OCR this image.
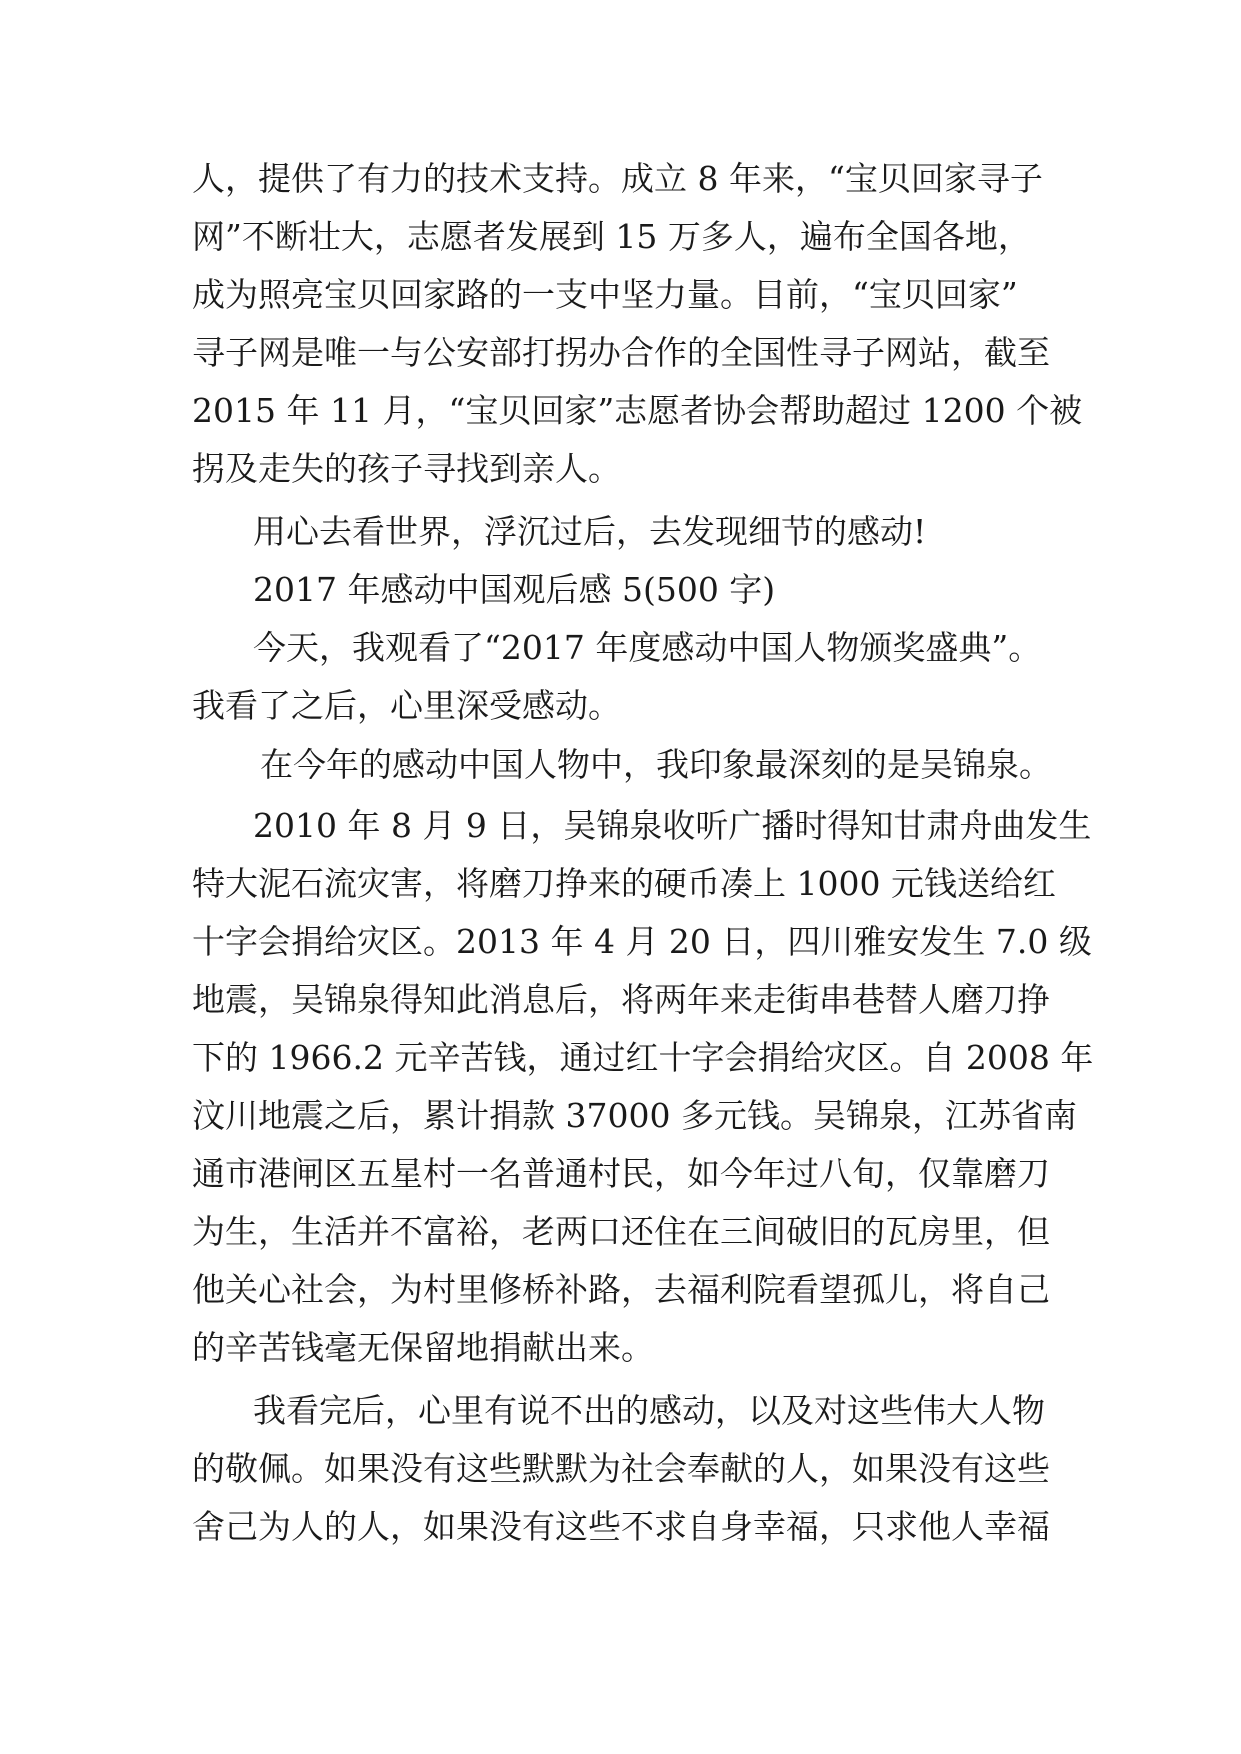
人，提供了有力的技术支持。成立 8 年来，“宝贝回家寻子
网”不断壮大，志愿者发展到 15 万多人，遍布全国各地，
成为照亮宝贝回家路的一支中坚力量。目前，“宝贝回家”
寻子网是唯一与公安部打拐办合作的全国性寻子网站，截至
2015 年 11 月，“宝贝回家”志愿者协会帮助超过 1200 个被
拐及走失的孩子寻找到亲人。
用心去看世界，浮沉过后，去发现细节的感动!
2017 年感动中国观后感 5(500 字)
今天，我观看了“2017 年度感动中国人物颁奖盛典”。
我看了之后，心里深受感动。
在今年的感动中国人物中，我印象最深刻的是吴锦泉。
2010 年 8 月 9 日，吴锦泉收听广播时得知甘肃舟曲发生
特大泥石流灾害，将磨刀挣来的硬币凑上 1000 元钱送给红
十字会捐给灾区。2013 年 4 月 20 日，四川雅安发生 7.0 级
地震，吴锦泉得知此消息后，将两年来走街串巷替人磨刀挣
下的 1966.2 元辛苦钱，通过红十字会捐给灾区。自 2008 年
汶川地震之后，累计捐款 37000 多元钱。吴锦泉，江苏省南
通市港闸区五星村一名普通村民，如今年过八旬，仅靠磨刀
为生，生活并不富裕，老两口还住在三间破旧的瓦房里，但
他关心社会，为村里修桥补路，去福利院看望孤儿，将自己
的辛苦钱毫无保留地捐献出来。
我看完后，心里有说不出的感动，以及对这些伟大人物
的敬佩。如果没有这些默默为社会奉献的人，如果没有这些
舍己为人的人，如果没有这些不求自身幸福，只求他人幸福
